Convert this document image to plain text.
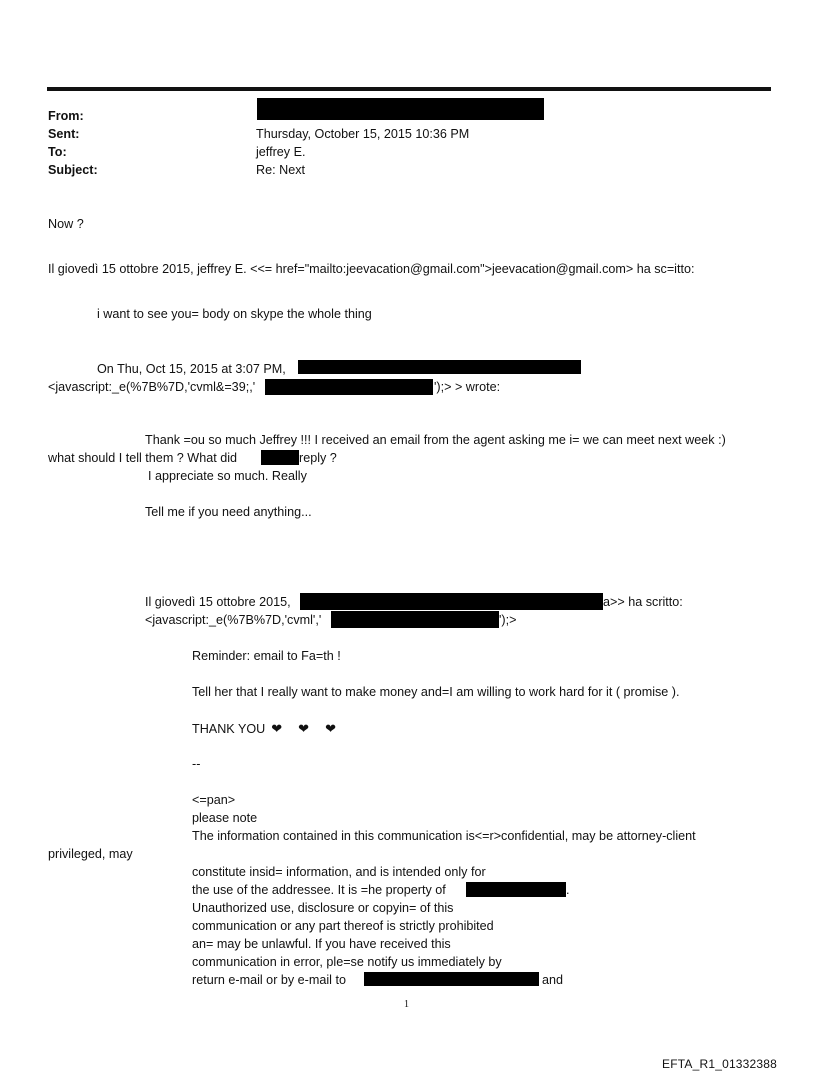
From:
Sent:	Thursday, October 15, 2015 10:36 PM
To:	jeffrey E.
Subject:	Re: Next
Now ?
Il giovedì 15 ottobre 2015, jeffrey E. <<= href="mailto:jeevacation@gmail.com">jeevacation@gmail.com> ha sc=itto:
i want to see you= body on skype the whole thing
On Thu, Oct 15, 2015 at 3:07 PM,
<javascript:_e(%7B%7D,'cvml&=39;,'	');> > wrote:
Thank =ou so much Jeffrey !!! I received an email from the agent asking me i= we can meet next week :)
what should I tell them ? What did	reply ?
I appreciate so much. Really
Tell me if you need anything...
Il giovedì 15 ottobre 2015,	a>> ha scritto:
<javascript:_e(%7B%7D,'cvml','	');>
Reminder: email to Fa=th !
Tell her that I really want to make money and=I am willing to work hard for it ( promise ).
THANK YOU ❤ ❤ ❤
--
<=pan>
please note
The information contained in this communication is<=r>confidential, may be attorney-client
privileged, may
constitute insid= information, and is intended only for
the use of the addressee. It is =he property of	.
Unauthorized use, disclosure or copyin= of this
communication or any part thereof is strictly prohibited
an= may be unlawful. If you have received this
communication in error, ple=se notify us immediately by
return e-mail or by e-mail to	and
1
EFTA_R1_01332388
